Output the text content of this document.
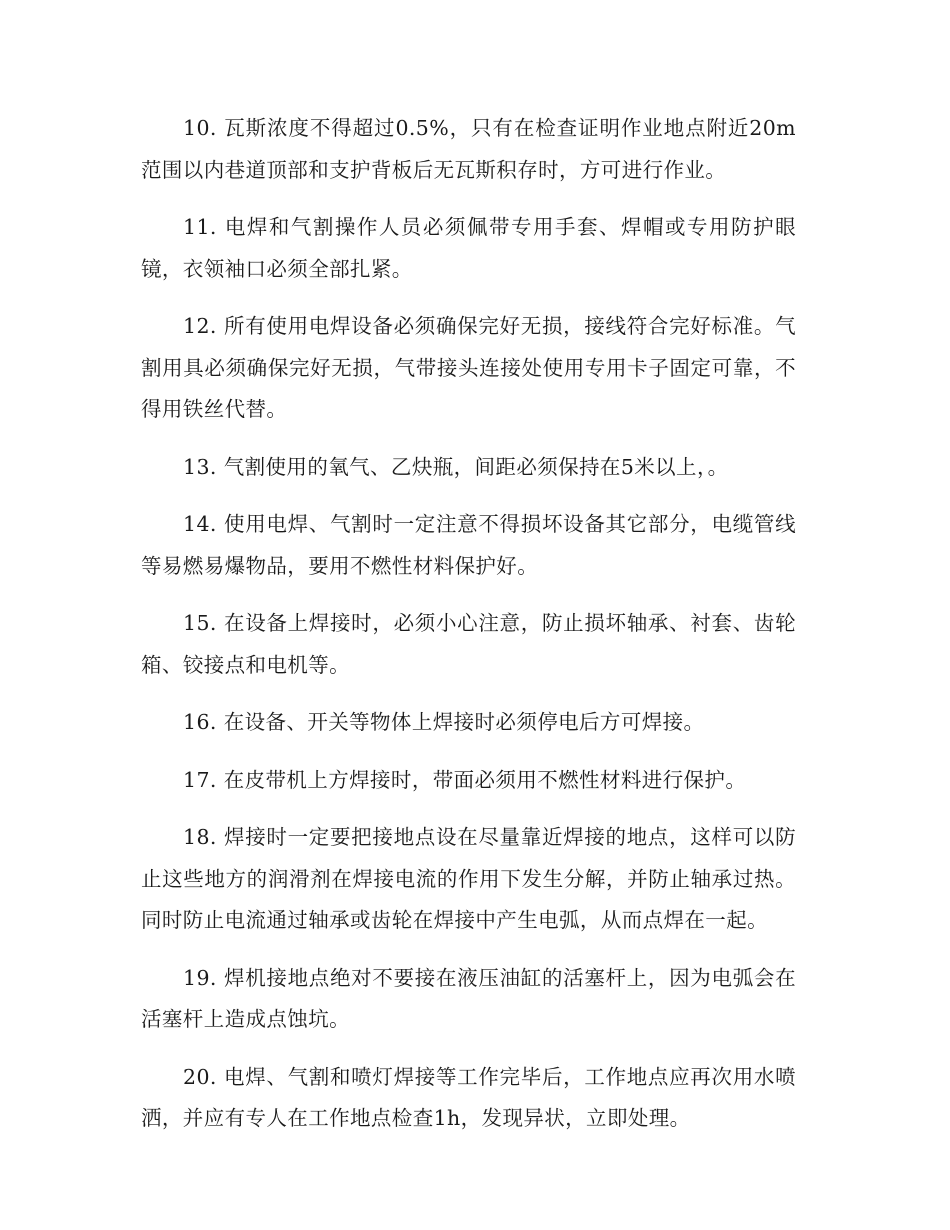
10. 瓦斯浓度不得超过0.5%，只有在检查证明作业地点附近20m范围以内巷道顶部和支护背板后无瓦斯积存时，方可进行作业。

11. 电焊和气割操作人员必须佩带专用手套、焊帽或专用防护眼镜，衣领袖口必须全部扎紧。

12. 所有使用电焊设备必须确保完好无损，接线符合完好标准。气割用具必须确保完好无损，气带接头连接处使用专用卡子固定可靠，不得用铁丝代替。

13. 气割使用的氧气、乙炔瓶，间距必须保持在5米以上，。

14. 使用电焊、气割时一定注意不得损坏设备其它部分，电缆管线等易燃易爆物品，要用不燃性材料保护好。

15. 在设备上焊接时，必须小心注意，防止损坏轴承、衬套、齿轮箱、铰接点和电机等。

16. 在设备、开关等物体上焊接时必须停电后方可焊接。

17. 在皮带机上方焊接时，带面必须用不燃性材料进行保护。

18. 焊接时一定要把接地点设在尽量靠近焊接的地点，这样可以防止这些地方的润滑剂在焊接电流的作用下发生分解，并防止轴承过热。同时防止电流通过轴承或齿轮在焊接中产生电弧，从而点焊在一起。

19. 焊机接地点绝对不要接在液压油缸的活塞杆上，因为电弧会在活塞杆上造成点蚀坑。

20. 电焊、气割和喷灯焊接等工作完毕后，工作地点应再次用水喷洒，并应有专人在工作地点检查1h，发现异状，立即处理。
